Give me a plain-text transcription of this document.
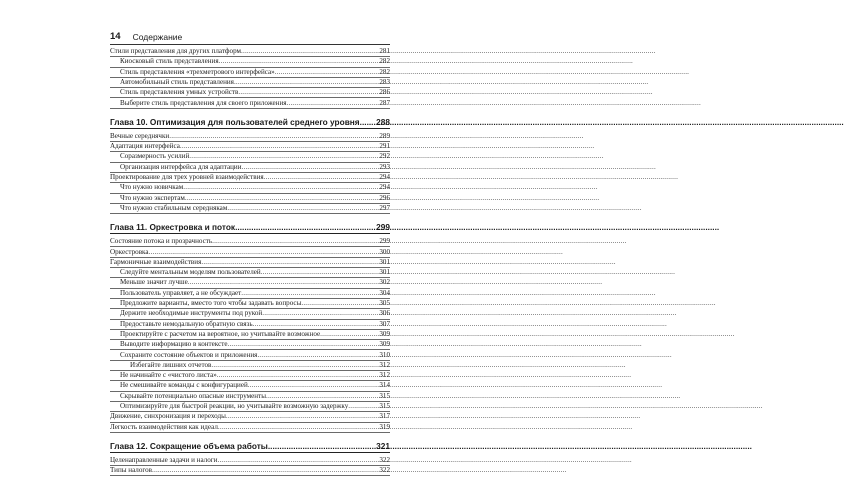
14 Содержание
Стили представления для других платформ .....	281
Киосковый стиль представления .....	282
Стиль представления «трехметрового интерфейса» .....	282
Автомобильный стиль представления .....	283
Стиль представления умных устройств .....	286
Выберите стиль представления для своего приложения .....	287
Глава 10. Оптимизация для пользователей среднего уровня ..... 288
Вечные середнячки .....	289
Адаптация интерфейса .....	291
Соразмерность усилий .....	292
Организация интерфейса для адаптации .....	293
Проектирование для трех уровней взаимодействия .....	294
Что нужно новичкам .....	294
Что нужно экспертам .....	296
Что нужно стабильным середнякам .....	297
Глава 11. Оркестровка и поток .....	299
Состояние потока и прозрачность .....	299
Оркестровка .....	300
Гармоничные взаимодействия .....	301
Следуйте ментальным моделям пользователей .....	301
Меньше значит лучше .....	302
Пользователь управляет, а не обсуждает .....	304
Предложите варианты, вместо того чтобы задавать вопросы .....	305
Держите необходимые инструменты под рукой .....	306
Предоставьте немодальную обратную связь .....	307
Проектируйте с расчетом на вероятное, но учитывайте возможное .....	309
Выводите информацию в контексте .....	309
Сохраните состояние объектов и приложения .....	310
Избегайте лишних отчетов .....	312
Не начинайте с «чистого листа» .....	312
Не смешивайте команды с конфигурацией .....	314
Скрывайте потенциально опасные инструменты .....	315
Оптимизируйте для быстрой реакции, но учитывайте возможную задержку .....	315
Движение, синхронизация и переходы .....	317
Легкость взаимодействия как идеал .....	319
Глава 12. Сокращение объема работы .....	321
Целенаправленные задачи и налоги .....	322
Типы налогов .....	322
